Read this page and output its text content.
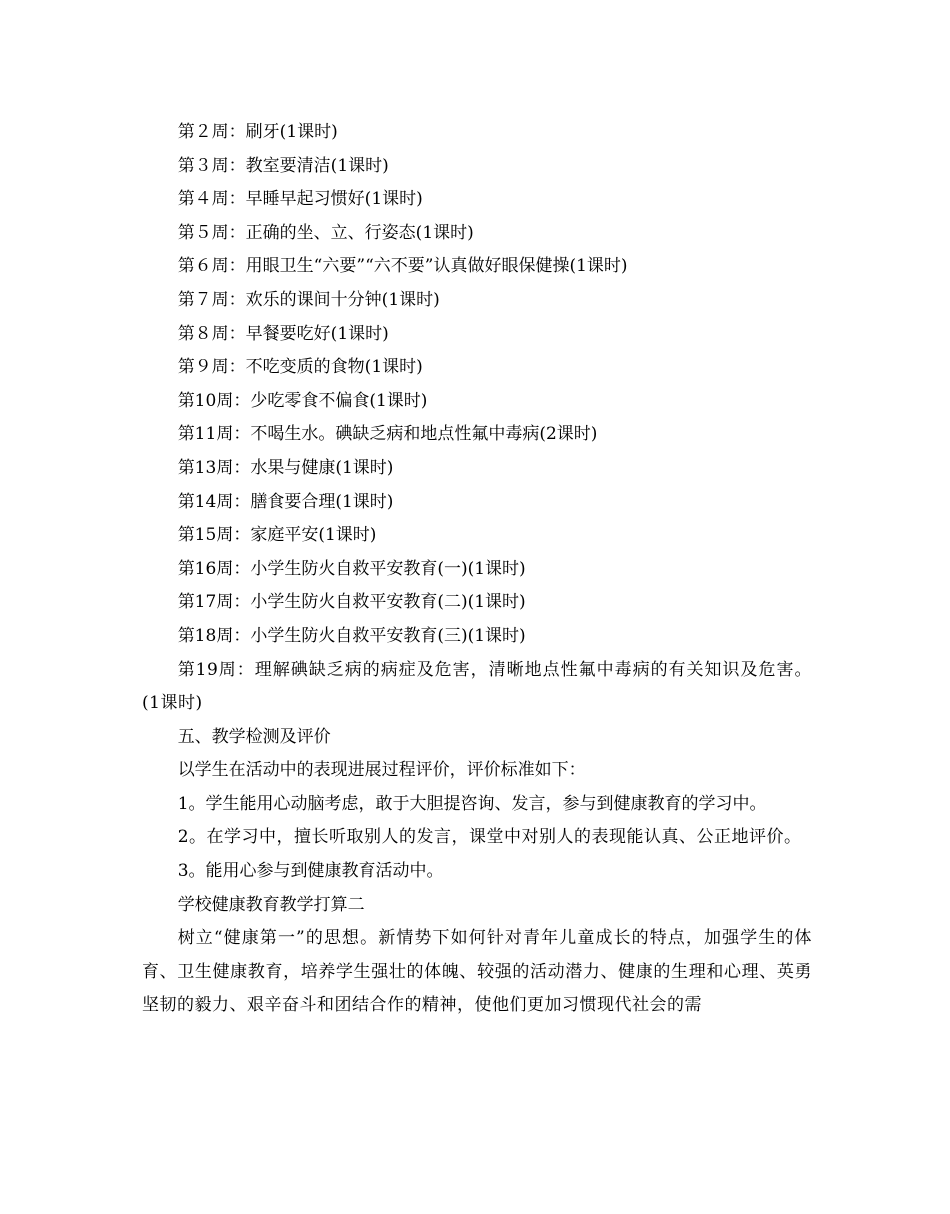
第２周：刷牙(1课时)

第３周：教室要清洁(1课时)

第４周：早睡早起习惯好(1课时)

第５周：正确的坐、立、行姿态(1课时)

第６周：用眼卫生“六要”“六不要”认真做好眼保健操(1课时)

第７周：欢乐的课间十分钟(1课时)

第８周：早餐要吃好(1课时)

第９周：不吃变质的食物(1课时)

第10周：少吃零食不偏食(1课时)

第11周：不喝生水。碘缺乏病和地点性氟中毒病(2课时)

第13周：水果与健康(1课时)

第14周：膳食要合理(1课时)

第15周：家庭平安(1课时)

第16周：小学生防火自救平安教育(一)(1课时)

第17周：小学生防火自救平安教育(二)(1课时)

第18周：小学生防火自救平安教育(三)(1课时)

第19周：理解碘缺乏病的病症及危害，清晰地点性氟中毒病的有关知识及危害。(1课时)

五、教学检测及评价

以学生在活动中的表现进展过程评价，评价标准如下：

1。学生能用心动脑考虑，敢于大胆提咨询、发言，参与到健康教育的学习中。

2。在学习中，擅长听取别人的发言，课堂中对别人的表现能认真、公正地评价。

3。能用心参与到健康教育活动中。

学校健康教育教学打算二

树立“健康第一”的思想。新情势下如何针对青年儿童成长的特点，加强学生的体育、卫生健康教育，培养学生强壮的体魄、较强的活动潜力、健康的生理和心理、英勇坚韧的毅力、艰辛奋斗和团结合作的精神，使他们更加习惯现代社会的需
